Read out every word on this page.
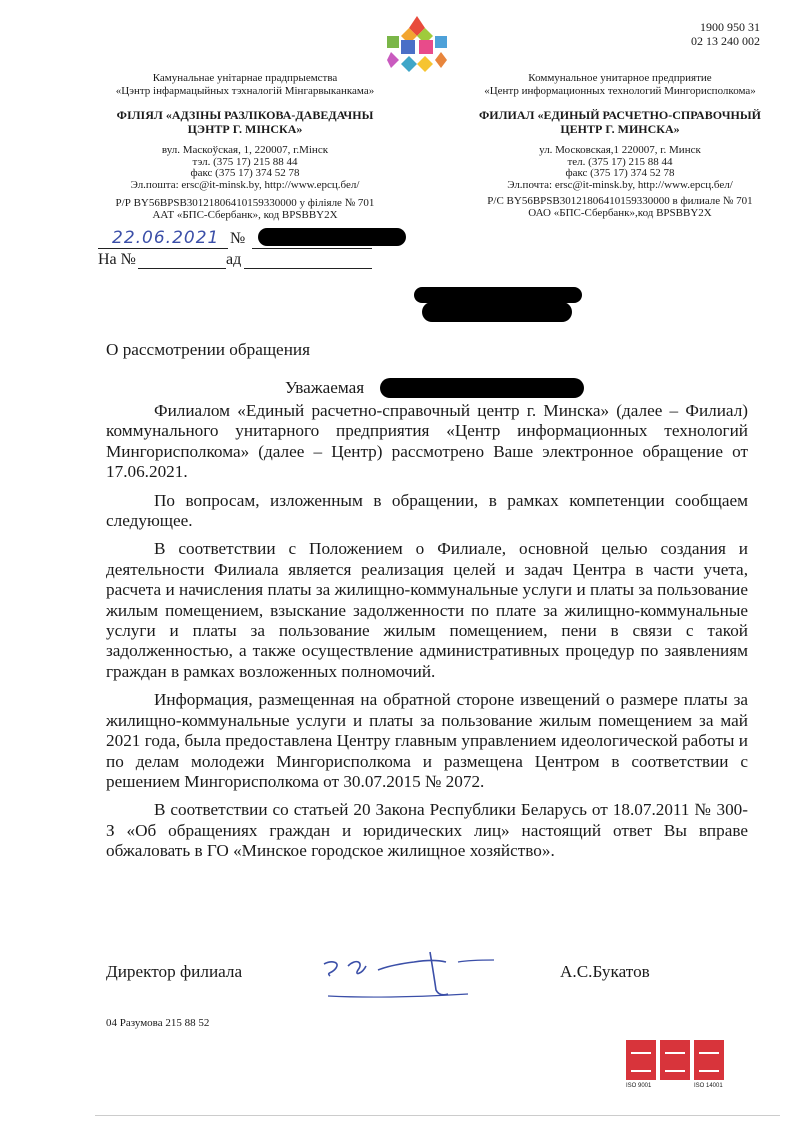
1900 950 31
02 13 240 002
Камунальнае унітарнае прадпрыемства
«Цэнтр інфармацыйных тэхналогій Мінгарвыканкама»
ФІЛІЯЛ «АДЗІНЫ РАЗЛІКОВА-ДАВЕДАЧНЫ
ЦЭНТР Г. МІНСКА»
вул. Маскоўская, 1, 220007, г.Мінск
тэл. (375 17) 215 88 44
факс (375 17) 374 52 78
Эл.пошта: ersc@it-minsk.by, http://www.ерсц.бел/
Р/Р BY56BPSB30121806410159330000 у філіяле № 701
ААТ «БПС-Сбербанк», код BPSBBY2X
Коммунальное унитарное предприятие
«Центр информационных технологий Мингорисполкома»
ФИЛИАЛ «ЕДИНЫЙ РАСЧЕТНО-СПРАВОЧНЫЙ
ЦЕНТР Г. МИНСКА»
ул. Московская,1 220007, г. Минск
тел. (375 17) 215 88 44
факс (375 17) 374 52 78
Эл.почта: ersc@it-minsk.by, http://www.ерсц.бел/
Р/С BY56BPSB30121806410159330000 в филиале № 701
ОАО «БПС-Сбербанк»,код BPSBBY2X
22.06.2021 №
На №	ад
О рассмотрении обращения
Уважаемая

Филиалом «Единый расчетно-справочный центр г. Минска» (далее – Филиал) коммунального унитарного предприятия «Центр информационных технологий Мингорисполкома» (далее – Центр) рассмотрено Ваше электронное обращение от 17.06.2021.

По вопросам, изложенным в обращении, в рамках компетенции сообщаем следующее.

В соответствии с Положением о Филиале, основной целью создания и деятельности Филиала является реализация целей и задач Центра в части учета, расчета и начисления платы за жилищно-коммунальные услуги и платы за пользование жилым помещением, взыскание задолженности по плате за жилищно-коммунальные услуги и платы за пользование жилым помещением, пени в связи с такой задолженностью, а также осуществление административных процедур по заявлениям граждан в рамках возложенных полномочий.

Информация, размещенная на обратной стороне извещений о размере платы за жилищно-коммунальные услуги и платы за пользование жилым помещением за май 2021 года, была предоставлена Центру главным управлением идеологической работы и по делам молодежи Мингорисполкома и размещена Центром в соответствии с решением Мингорисполкома от 30.07.2015 № 2072.

В соответствии со статьей 20 Закона Республики Беларусь от 18.07.2011 № 300-З «Об обращениях граждан и юридических лиц» настоящий ответ Вы вправе обжаловать в ГО «Минское городское жилищное хозяйство».

Директор филиала	А.С.Букатов
04 Разумова 215 88 52
ISO 9001	ISO 14001
